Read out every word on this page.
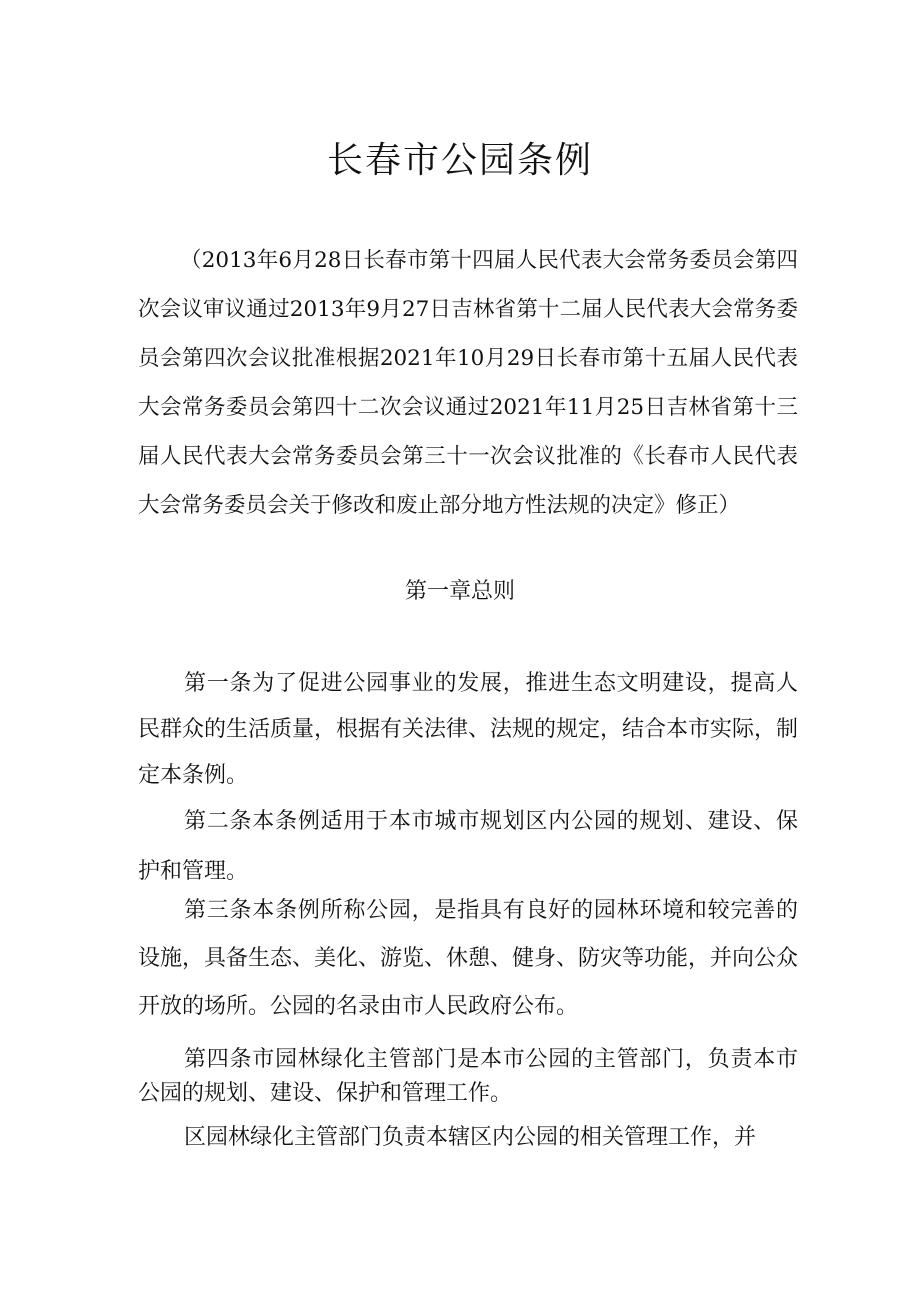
长春市公园条例
（2013年6月28日长春市第十四届人民代表大会常务委员会第四次会议审议通过2013年9月27日吉林省第十二届人民代表大会常务委员会第四次会议批准根据2021年10月29日长春市第十五届人民代表大会常务委员会第四十二次会议通过2021年11月25日吉林省第十三届人民代表大会常务委员会第三十一次会议批准的《长春市人民代表大会常务委员会关于修改和废止部分地方性法规的决定》修正）
第一章总则

第一条为了促进公园事业的发展，推进生态文明建设，提高人民群众的生活质量，根据有关法律、法规的规定，结合本市实际，制定本条例。

第二条本条例适用于本市城市规划区内公园的规划、建设、保护和管理。

第三条本条例所称公园，是指具有良好的园林环境和较完善的设施，具备生态、美化、游览、休憩、健身、防灾等功能，并向公众开放的场所。公园的名录由市人民政府公布。

第四条市园林绿化主管部门是本市公园的主管部门，负责本市公园的规划、建设、保护和管理工作。

区园林绿化主管部门负责本辖区内公园的相关管理工作，并
